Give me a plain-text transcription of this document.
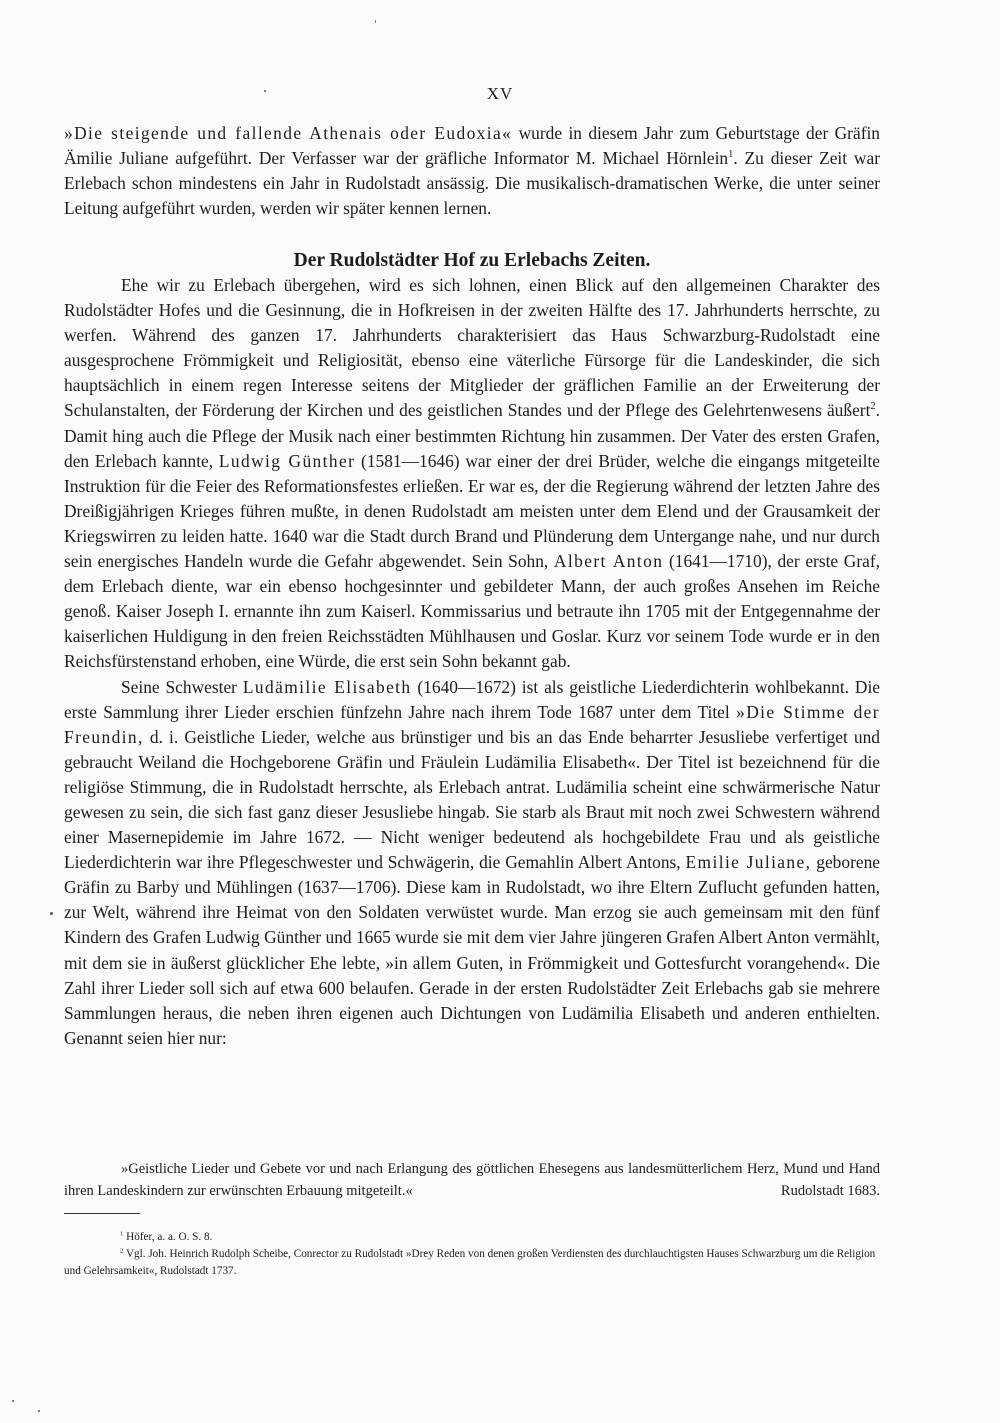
XV

»Die steigende und fallende Athenais oder Eudoxia« wurde in diesem Jahr zum Geburtstage der Gräfin Ämilie Juliane aufgeführt. Der Verfasser war der gräfliche Informator M. Michael Hörnlein$^1$. Zu dieser Zeit war Erlebach schon mindestens ein Jahr in Rudolstadt ansässig. Die musikalisch-dramatischen Werke, die unter seiner Leitung aufgeführt wurden, werden wir später kennen lernen.

Der Rudolstädter Hof zu Erlebachs Zeiten.

Ehe wir zu Erlebach übergehen, wird es sich lohnen, einen Blick auf den allgemeinen Charakter des Rudolstädter Hofes und die Gesinnung, die in Hofkreisen in der zweiten Hälfte des 17. Jahrhunderts herrschte, zu werfen. Während des ganzen 17. Jahrhunderts charakterisiert das Haus Schwarzburg-Rudolstadt eine ausgesprochene Frömmigkeit und Religiosität, ebenso eine väterliche Fürsorge für die Landeskinder, die sich hauptsächlich in einem regen Interesse seitens der Mitglieder der gräflichen Familie an der Erweiterung der Schulanstalten, der Förderung der Kirchen und des geistlichen Standes und der Pflege des Gelehrtenwesens äußert$^2$. Damit hing auch die Pflege der Musik nach einer bestimmten Richtung hin zusammen. Der Vater des ersten Grafen, den Erlebach kannte, Ludwig Günther (1581—1646) war einer der drei Brüder, welche die eingangs mitgeteilte Instruktion für die Feier des Reformationsfestes erließen. Er war es, der die Regierung während der letzten Jahre des Dreißigjährigen Krieges führen mußte, in denen Rudolstadt am meisten unter dem Elend und der Grausamkeit der Kriegswirren zu leiden hatte. 1640 war die Stadt durch Brand und Plünderung dem Untergange nahe, und nur durch sein energisches Handeln wurde die Gefahr abgewendet. Sein Sohn, Albert Anton (1641—1710), der erste Graf, dem Erlebach diente, war ein ebenso hochgesinnter und gebildeter Mann, der auch großes Ansehen im Reiche genoß. Kaiser Joseph I. ernannte ihn zum Kaiserl. Kommissarius und betraute ihn 1705 mit der Entgegennahme der kaiserlichen Huldigung in den freien Reichsstädten Mühlhausen und Goslar. Kurz vor seinem Tode wurde er in den Reichsfürstenstand erhoben, eine Würde, die erst sein Sohn bekannt gab.

Seine Schwester Ludämilie Elisabeth (1640—1672) ist als geistliche Liederdichterin wohlbekannt. Die erste Sammlung ihrer Lieder erschien fünfzehn Jahre nach ihrem Tode 1687 unter dem Titel »Die Stimme der Freundin, d. i. Geistliche Lieder, welche aus brünstiger und bis an das Ende beharrter Jesusliebe verfertiget und gebraucht Weiland die Hochgeborene Gräfin und Fräulein Ludämilia Elisabeth«. Der Titel ist bezeichnend für die religiöse Stimmung, die in Rudolstadt herrschte, als Erlebach antrat. Ludämilia scheint eine schwärmerische Natur gewesen zu sein, die sich fast ganz dieser Jesusliebe hingab. Sie starb als Braut mit noch zwei Schwestern während einer Masernepidemie im Jahre 1672. — Nicht weniger bedeutend als hochgebildete Frau und als geistliche Liederdichterin war ihre Pflegeschwester und Schwägerin, die Gemahlin Albert Antons, Emilie Juliane, geborene Gräfin zu Barby und Mühlingen (1637—1706). Diese kam in Rudolstadt, wo ihre Eltern Zuflucht gefunden hatten, zur Welt, während ihre Heimat von den Soldaten verwüstet wurde. Man erzog sie auch gemeinsam mit den fünf Kindern des Grafen Ludwig Günther und 1665 wurde sie mit dem vier Jahre jüngeren Grafen Albert Anton vermählt, mit dem sie in äußerst glücklicher Ehe lebte, »in allem Guten, in Frömmigkeit und Gottesfurcht vorangehend«. Die Zahl ihrer Lieder soll sich auf etwa 600 belaufen. Gerade in der ersten Rudolstädter Zeit Erlebachs gab sie mehrere Sammlungen heraus, die neben ihren eigenen auch Dichtungen von Ludämilia Elisabeth und anderen enthielten. Genannt seien hier nur:

»Geistliche Lieder und Gebete vor und nach Erlangung des göttlichen Ehesegens aus landesmütterlichem Herz, Mund und Hand ihren Landeskindern zur erwünschten Erbauung mitgeteilt.«	Rudolstadt 1683.

$^1$ Höfer, a. a. O. S. 8.

$^2$ Vgl. Joh. Heinrich Rudolph Scheibe, Conrector zu Rudolstadt »Drey Reden von denen großen Verdiensten des durchlauchtigsten Hauses Schwarzburg um die Religion und Gelehrsamkeit«, Rudolstadt 1737.
